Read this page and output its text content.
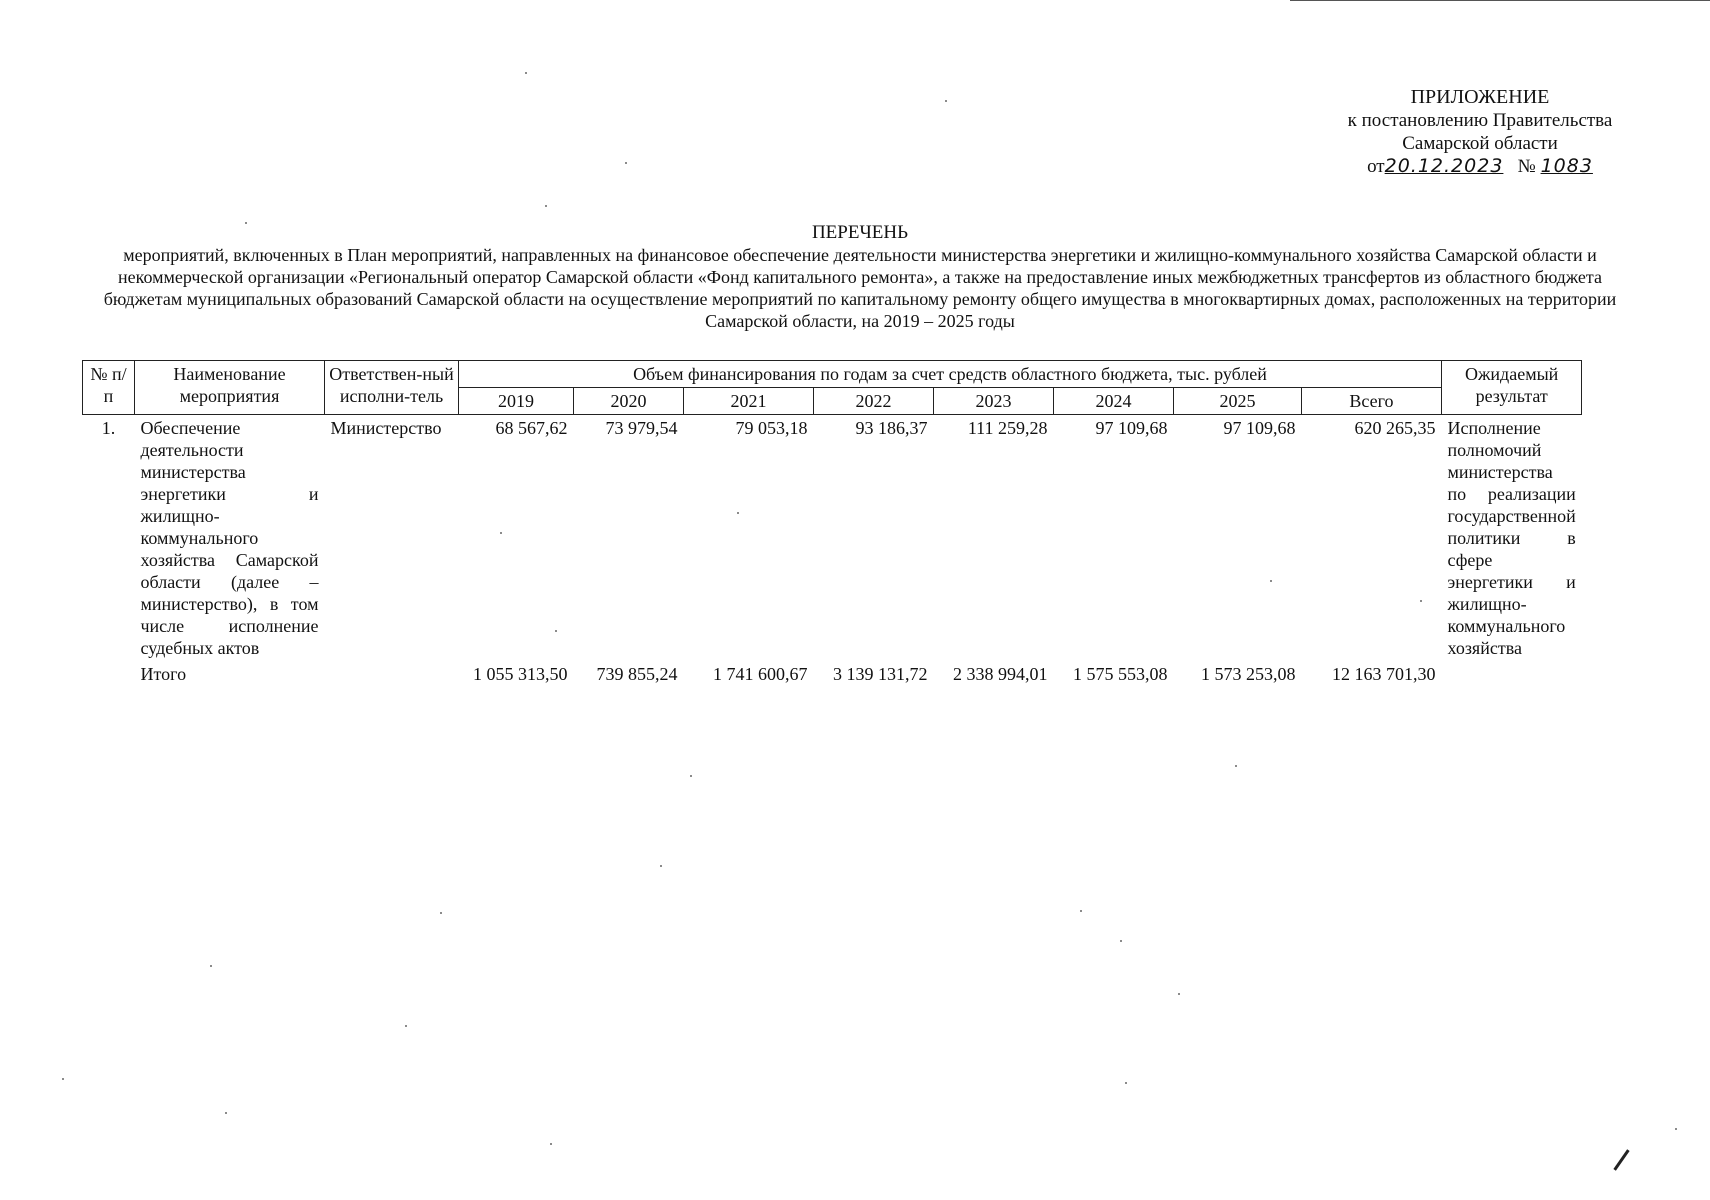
ПРИЛОЖЕНИЕ
к постановлению Правительства
Самарской области
от20.12.2023 № 1083
ПЕРЕЧЕНЬ
мероприятий, включенных в План мероприятий, направленных на финансовое обеспечение деятельности министерства энергетики и жилищно-коммунального хозяйства Самарской области и некоммерческой организации «Региональный оператор Самарской области «Фонд капитального ремонта», а также на предоставление иных межбюджетных трансфертов из областного бюджета бюджетам муниципальных образований Самарской области на осуществление мероприятий по капитальному ремонту общего имущества в многоквартирных домах, расположенных на территории Самарской области, на 2019 – 2025 годы
№ п/п	Наименование мероприятия	Ответствен-ный исполни-тель	Объем финансирования по годам за счет средств областного бюджета, тыс. рублей								Ожидаемый результат
			2019	2020	2021	2022	2023	2024	2025	Всего	
1.	Обеспечение деятельности министерства энергетики и жилищно-коммунального хозяйства Самарской области (далее – министерство), в том числе исполнение судебных актов	Министерство	68 567,62	73 979,54	79 053,18	93 186,37	111 259,28	97 109,68	97 109,68	620 265,35	Исполнение полномочий министерства по реализации государственной политики в сфере энергетики и жилищно-коммунального хозяйства
	Итого		1 055 313,50	739 855,24	1 741 600,67	3 139 131,72	2 338 994,01	1 575 553,08	1 573 253,08	12 163 701,30	
